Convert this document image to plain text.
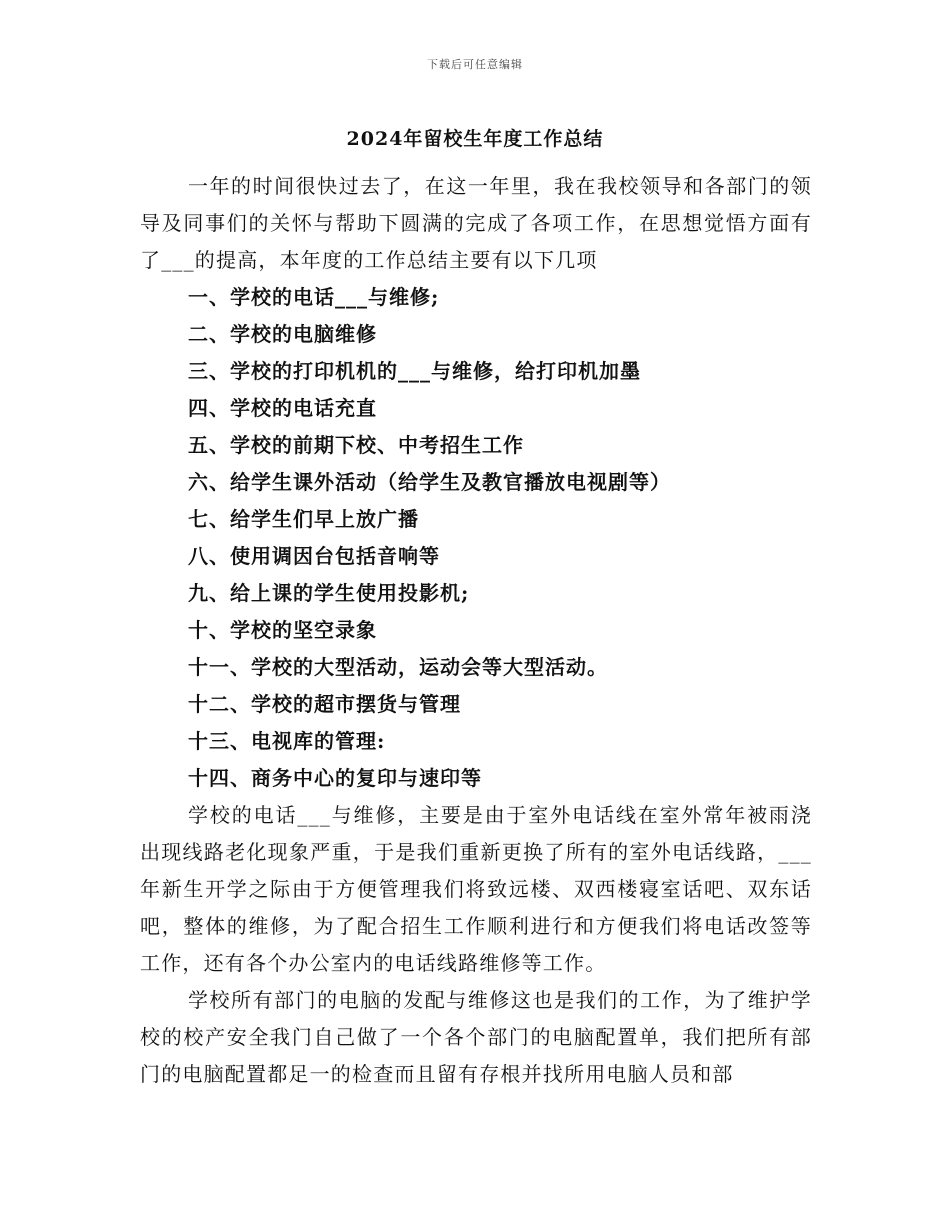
下载后可任意编辑
2024年留校生年度工作总结

一年的时间很快过去了，在这一年里，我在我校领导和各部门的领导及同事们的关怀与帮助下圆满的完成了各项工作，在思想觉悟方面有了___的提高，本年度的工作总结主要有以下几项

一、学校的电话___与维修;
二、学校的电脑维修
三、学校的打印机机的___与维修，给打印机加墨
四、学校的电话充直
五、学校的前期下校、中考招生工作
六、给学生课外活动（给学生及教官播放电视剧等）
七、给学生们早上放广播
八、使用调因台包括音响等
九、给上课的学生使用投影机;
十、学校的坚空录象
十一、学校的大型活动，运动会等大型活动。
十二、学校的超市摆货与管理
十三、电视库的管理:
十四、商务中心的复印与速印等

学校的电话___与维修，主要是由于室外电话线在室外常年被雨浇出现线路老化现象严重，于是我们重新更换了所有的室外电话线路，___年新生开学之际由于方便管理我们将致远楼、双西楼寝室话吧、双东话吧，整体的维修，为了配合招生工作顺利进行和方便我们将电话改签等工作，还有各个办公室内的电话线路维修等工作。

学校所有部门的电脑的发配与维修这也是我们的工作，为了维护学校的校产安全我门自己做了一个各个部门的电脑配置单，我们把所有部门的电脑配置都足一的检查而且留有存根并找所用电脑人员和部
